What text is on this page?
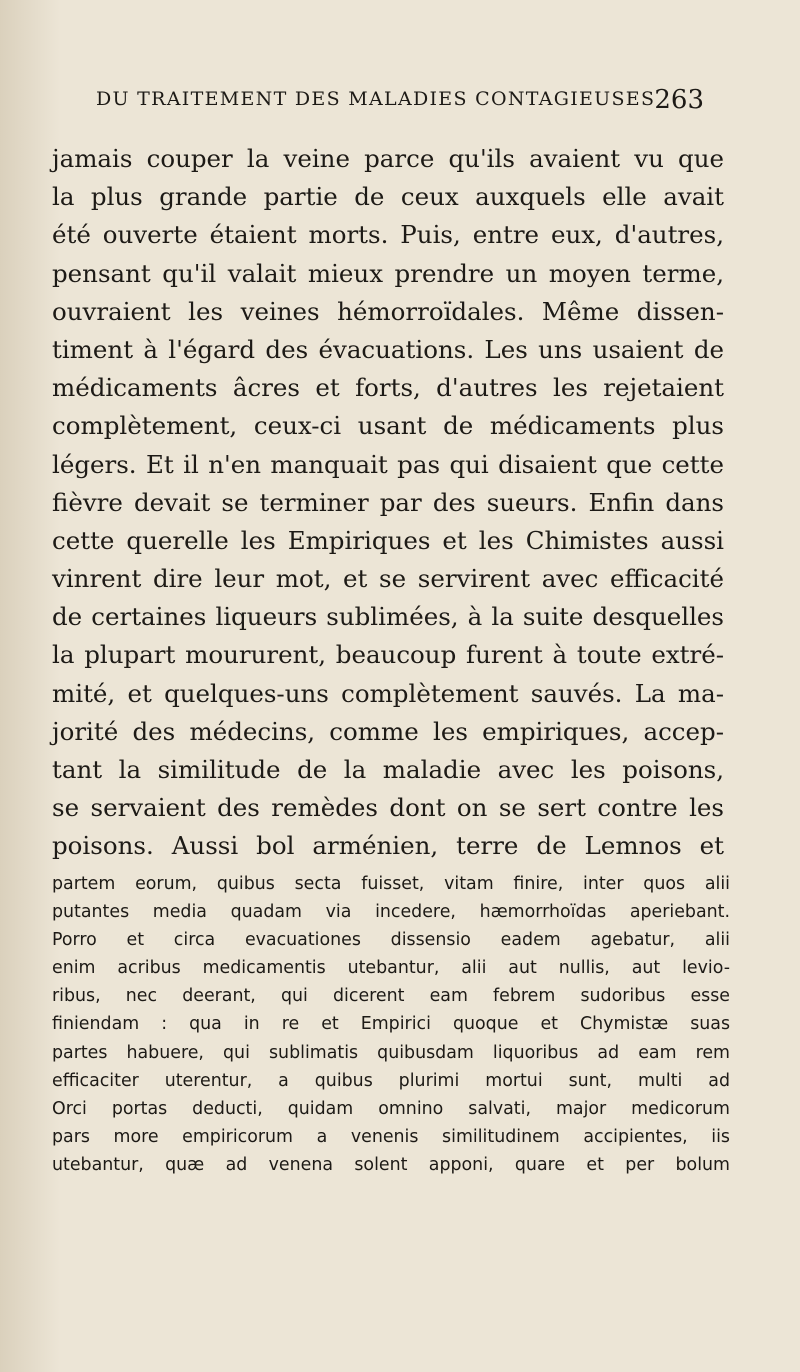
DU TRAITEMENT DES MALADIES CONTAGIEUSES 263
jamais couper la veine parce qu'ils avaient vu que
la plus grande partie de ceux auxquels elle avait
été ouverte étaient morts. Puis, entre eux, d'autres,
pensant qu'il valait mieux prendre un moyen terme,
ouvraient les veines hémorroïdales. Même dissen-
timent à l'égard des évacuations. Les uns usaient de
médicaments âcres et forts, d'autres les rejetaient
complètement, ceux-ci usant de médicaments plus
légers. Et il n'en manquait pas qui disaient que cette
fièvre devait se terminer par des sueurs. Enfin dans
cette querelle les Empiriques et les Chimistes aussi
vinrent dire leur mot, et se servirent avec efficacité
de certaines liqueurs sublimées, à la suite desquelles
la plupart moururent, beaucoup furent à toute extré-
mité, et quelques-uns complètement sauvés. La ma-
jorité des médecins, comme les empiriques, accep-
tant la similitude de la maladie avec les poisons,
se servaient des remèdes dont on se sert contre les
poisons. Aussi bol arménien, terre de Lemnos et
partem eorum, quibus secta fuisset, vitam finire, inter quos alii
putantes media quadam via incedere, hæmorrhoïdas aperiebant.
Porro et circa evacuationes dissensio eadem agebatur, alii
enim acribus medicamentis utebantur, alii aut nullis, aut levio-
ribus, nec deerant, qui dicerent eam febrem sudoribus esse
finiendam : qua in re et Empirici quoque et Chymistæ suas
partes habuere, qui sublimatis quibusdam liquoribus ad eam rem
efficaciter uterentur, a quibus plurimi mortui sunt, multi ad
Orci portas deducti, quidam omnino salvati, major medicorum
pars more empiricorum a venenis similitudinem accipientes, iis
utebantur, quæ ad venena solent apponi, quare et per bolum
